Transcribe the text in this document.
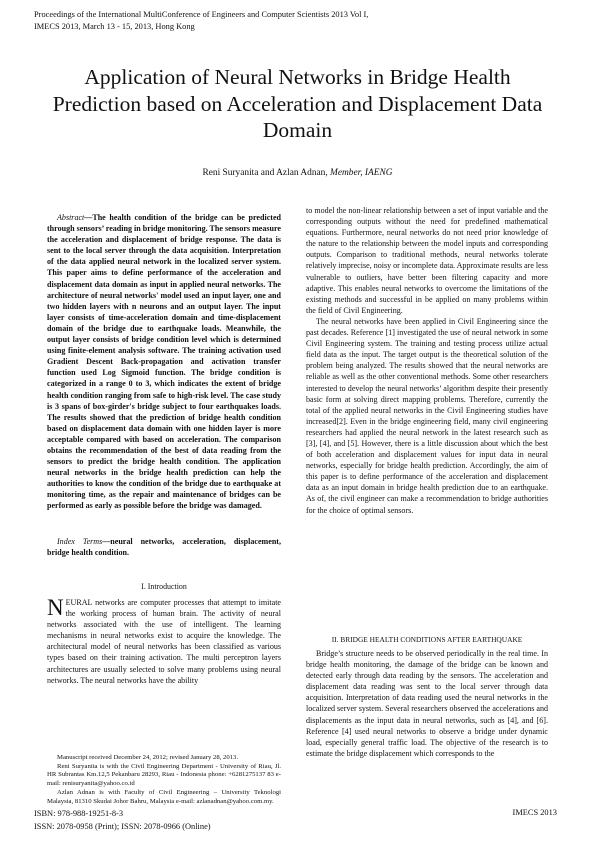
Proceedings of the International MultiConference of Engineers and Computer Scientists 2013 Vol I,
IMECS 2013, March 13 - 15, 2013, Hong Kong
Application of Neural Networks in Bridge Health Prediction based on Acceleration and Displacement Data Domain
Reni Suryanita and Azlan Adnan, Member, IAENG

Abstract—The health condition of the bridge can be predicted through sensors’ reading in bridge monitoring. The sensors measure the acceleration and displacement of bridge response. The data is sent to the local server through the data acquisition. Interpretation of the data applied neural network in the localized server system. This paper aims to define performance of the acceleration and displacement data domain as input in applied neural networks. The architecture of neural networks' model used an input layer, one and two hidden layers with n neurons and an output layer. The input layer consists of time-acceleration domain and time-displacement domain of the bridge due to earthquake loads. Meanwhile, the output layer consists of bridge condition level which is determined using finite-element analysis software. The training activation used Gradient Descent Back-propagation and activation transfer function used Log Sigmoid function. The bridge condition is categorized in a range 0 to 3, which indicates the extent of bridge health condition ranging from safe to high-risk level. The case study is 3 spans of box-girder's bridge subject to four earthquakes loads. The results showed that the prediction of bridge health condition based on displacement data domain with one hidden layer is more acceptable compared with based on acceleration. The comparison obtains the recommendation of the best of data reading from the sensors to predict the bridge health condition. The application neural networks in the bridge health prediction can help the authorities to know the condition of the bridge due to earthquake at monitoring time, as the repair and maintenance of bridges can be performed as early as possible before the bridge was damaged.

Index Terms—neural networks, acceleration, displacement, bridge health condition.

I. Introduction

NEURAL networks are computer processes that attempt to imitate the working process of human brain. The activity of neural networks associated with the use of intelligent. The learning mechanisms in neural networks exist to acquire the knowledge. The architectural model of neural networks has been classified as various types based on their training activation. The multi perceptron layers architectures are usually selected to solve many problems using neural networks. The neural networks have the ability

Manuscript received December 24, 2012; revised January 28, 2013.

Reni Suryanita is with the Civil Engineering Department - University of Riau, Jl. HR Subrantas Km.12,5 Pekanbaru 28293, Riau - Indonesia phone: +6281275137 83 e-mail: renisuryanita@yahoo.co.id

Azlan Adnan is with Faculty of Civil Engineering – University Teknologi Malaysia, 81310 Skudai Johor Bahru, Malaysia e-mail: azlanadnan@yahoo.com.my.

to model the non-linear relationship between a set of input variable and the corresponding outputs without the need for predefined mathematical equations. Furthermore, neural networks do not need prior knowledge of the nature to the relationship between the model inputs and corresponding outputs. Comparison to traditional methods, neural networks tolerate relatively imprecise, noisy or incomplete data. Approximate results are less vulnerable to outliers, have better been filtering capacity and more adaptive. This enables neural networks to overcome the limitations of the existing methods and successful in be applied on many problems within the field of Civil Engineering.

The neural networks have been applied in Civil Engineering since the past decades. Reference [1] investigated the use of neural network in some Civil Engineering system. The training and testing process utilize actual field data as the input. The target output is the theoretical solution of the problem being analyzed. The results showed that the neural networks are reliable as well as the other conventional methods. Some other researchers interested to develop the neural networks’ algorithm despite their presently basic form at solving direct mapping problems. Therefore, currently the total of the applied neural networks in the Civil Engineering studies have increased[2]. Even in the bridge engineering field, many civil engineering researchers had applied the neural network in the latest research such as [3], [4], and [5]. However, there is a little discussion about which the best of both acceleration and displacement values for input data in neural networks, especially for bridge health prediction. Accordingly, the aim of this paper is to define performance of the acceleration and displacement data as an input domain in bridge health prediction due to an earthquake. As of, the civil engineer can make a recommendation to bridge authorities for the choice of optimal sensors.

II. BRIDGE HEALTH CONDITIONS AFTER EARTHQUAKE

Bridge’s structure needs to be observed periodically in the real time. In bridge health monitoring, the damage of the bridge can be known and detected early through data reading by the sensors. The acceleration and displacement data reading was sent to the local server through data acquisition. Interpretation of data reading used the neural networks in the localized server system. Several researchers observed the accelerations and displacements as the input data in neural networks, such as [4], and [6]. Reference [4] used neural networks to observe a bridge under dynamic load, especially general traffic load. The objective of the research is to estimate the bridge displacement which corresponds to the

ISBN: 978-988-19251-8-3
ISSN: 2078-0958 (Print); ISSN: 2078-0966 (Online)
IMECS 2013
